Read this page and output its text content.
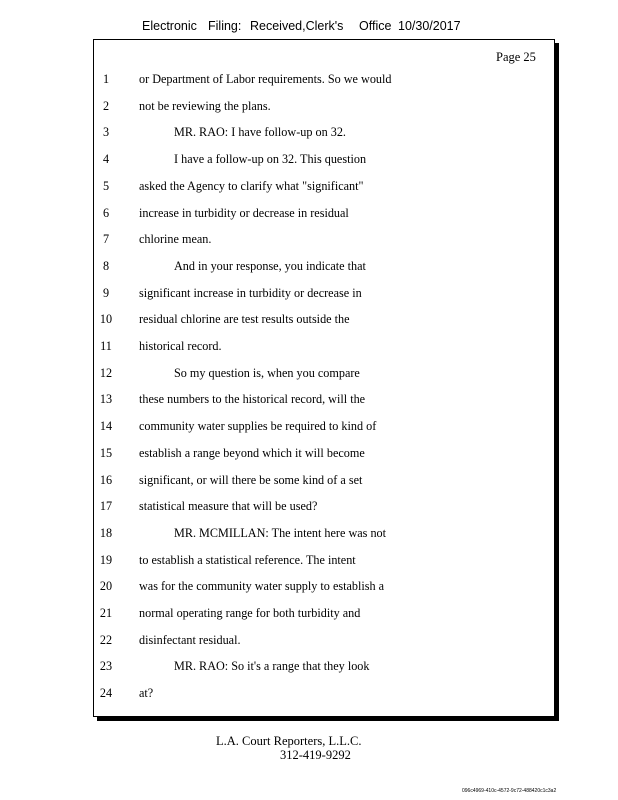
Electronic Filing: Received,Clerk's Office 10/30/2017
Page 25
1	or Department of Labor requirements. So we would
2	not be reviewing the plans.
3	MR. RAO: I have follow-up on 32.
4	I have a follow-up on 32. This question
5	asked the Agency to clarify what "significant"
6	increase in turbidity or decrease in residual
7	chlorine mean.
8	And in your response, you indicate that
9	significant increase in turbidity or decrease in
10	residual chlorine are test results outside the
11	historical record.
12	So my question is, when you compare
13	these numbers to the historical record, will the
14	community water supplies be required to kind of
15	establish a range beyond which it will become
16	significant, or will there be some kind of a set
17	statistical measure that will be used?
18	MR. MCMILLAN: The intent here was not
19	to establish a statistical reference. The intent
20	was for the community water supply to establish a
21	normal operating range for both turbidity and
22	disinfectant residual.
23	MR. RAO: So it's a range that they look
24	at?
L.A. Court Reporters, L.L.C.
312-419-9292
096c4969-410c-4572-9c72-488420c1c3a2
